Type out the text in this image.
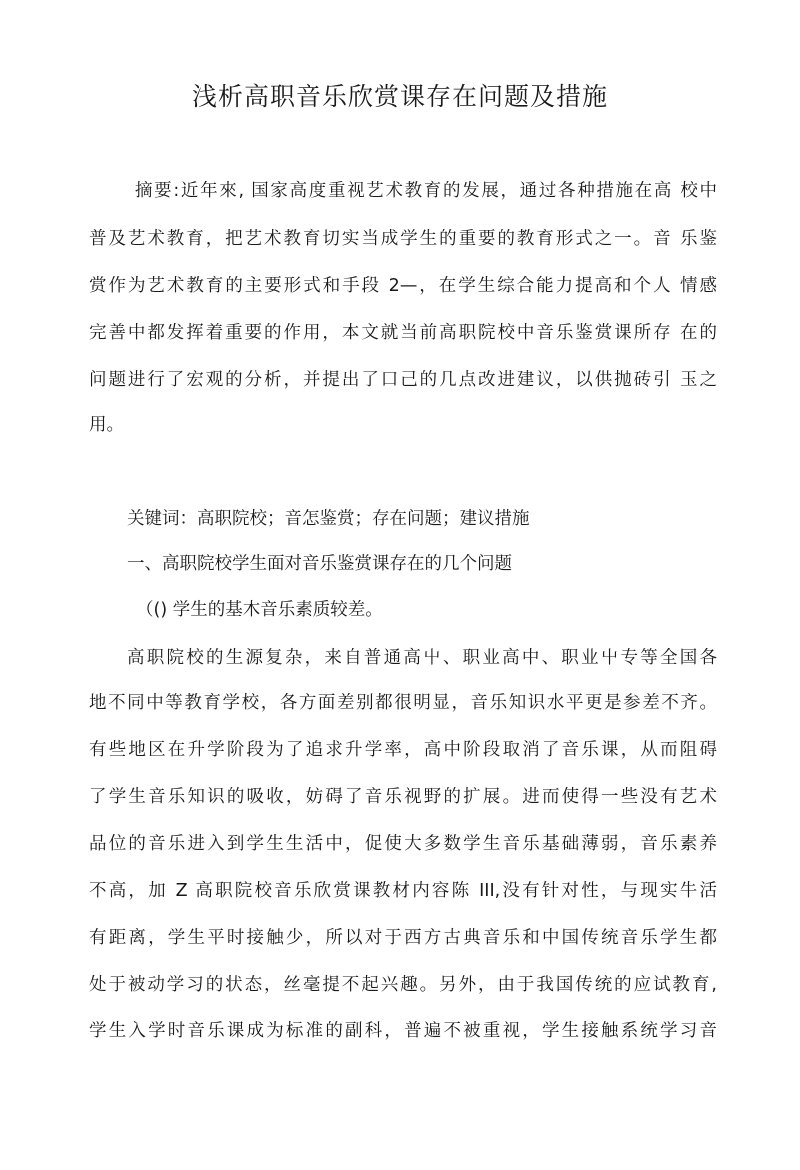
浅析高职音乐欣赏课存在问题及措施
摘要:近年來, 国家高度重视艺术教育的发展，通过各种措施在高 校中
普及艺术教育，把艺术教育切实当成学生的重要的教育形式之一。音 乐鉴
赏作为艺术教育的主要形式和手段 2—，在学生综合能力提高和个人 情感
完善中都发挥着重要的作用，本文就当前高职院校中音乐鉴赏课所存 在的
问题进行了宏观的分析，并提出了口己的几点改进建议，以供抛砖引 玉之
用。
关键词：高职院校；音怎鉴赏；存在问题；建议措施
一、高职院校学生面对音乐鉴赏课存在的几个问题
（() 学生的基木音乐素质较差。
高职院校的生源复杂，来自普通高屮、职业高中、职业屮专等全国各
地不同中等教育学校，各方面差别都很明显，音乐知识水平更是参差不齐。
有些地区在升学阶段为了追求升学率，高中阶段取消了音乐课，从而阻碍
了学生音乐知识的吸收，妨碍了音乐视野的扩展。进而使得一些没有艺术
品位的音乐进入到学生生活中，促使大多数学生音乐基础薄弱，音乐素养
不高，加 Z 高职院校音乐欣赏课教材内容陈 III,没有针对性，与现实牛活
有距离，学生平时接触少，所以对于西方古典音乐和中国传统音乐学生都
处于被动学习的状态，丝毫提不起兴趣。另外，由于我国传统的应试教育,
学生入学时音乐课成为标准的副科，普遍不被重视，学生接触系统学习音
